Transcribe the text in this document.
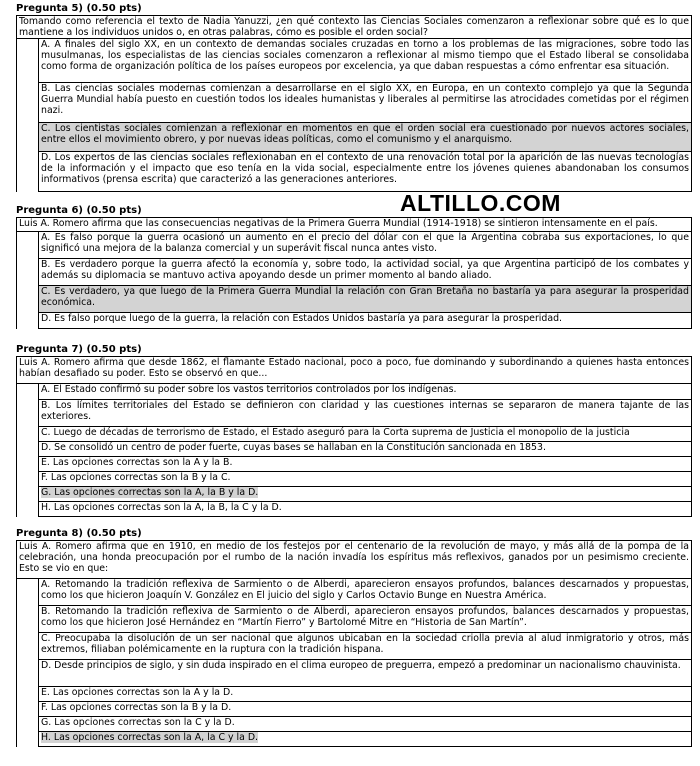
ALTILLO.COM
Pregunta 5) (0.50 pts)
Tomando como referencia el texto de Nadia Yanuzzi, ¿en qué contexto las Ciencias Sociales comenzaron a reflexionar sobre qué es lo que mantiene a los individuos unidos o, en otras palabras, cómo es posible el orden social?
A. A finales del siglo XX, en un contexto de demandas sociales cruzadas en torno a los problemas de las migraciones, sobre todo las musulmanas, los especialistas de las ciencias sociales comenzaron a reflexionar al mismo tiempo que el Estado liberal se consolidaba como forma de organización política de los países europeos por excelencia, ya que daban respuestas a cómo enfrentar esa situación.
B. Las ciencias sociales modernas comienzan a desarrollarse en el siglo XX, en Europa, en un contexto complejo ya que la Segunda Guerra Mundial había puesto en cuestión todos los ideales humanistas y liberales al permitirse las atrocidades cometidas por el régimen nazi.
C. Los cientistas sociales comienzan a reflexionar en momentos en que el orden social era cuestionado por nuevos actores sociales, entre ellos el movimiento obrero, y por nuevas ideas políticas, como el comunismo y el anarquismo.
D. Los expertos de las ciencias sociales reflexionaban en el contexto de una renovación total por la aparición de las nuevas tecnologías de la información y el impacto que eso tenía en la vida social, especialmente entre los jóvenes quienes abandonaban los consumos informativos (prensa escrita) que caracterizó a las generaciones anteriores.
Pregunta 6) (0.50 pts)
Luis A. Romero afirma que las consecuencias negativas de la Primera Guerra Mundial (1914-1918) se sintieron intensamente en el país.
A. Es falso porque la guerra ocasionó un aumento en el precio del dólar con el que la Argentina cobraba sus exportaciones, lo que significó una mejora de la balanza comercial y un superávit fiscal nunca antes visto.
B. Es verdadero porque la guerra afectó la economía y, sobre todo, la actividad social, ya que Argentina participó de los combates y además su diplomacia se mantuvo activa apoyando desde un primer momento al bando aliado.
C. Es verdadero, ya que luego de la Primera Guerra Mundial la relación con Gran Bretaña no bastaría ya para asegurar la prosperidad económica.
D. Es falso porque luego de la guerra, la relación con Estados Unidos bastaría ya para asegurar la prosperidad.
Pregunta 7) (0.50 pts)
Luis A. Romero afirma que desde 1862, el flamante Estado nacional, poco a poco, fue dominando y subordinando a quienes hasta entonces habían desafiado su poder. Esto se observó en que...
A. El Estado confirmó su poder sobre los vastos territorios controlados por los indígenas.
B. Los límites territoriales del Estado se definieron con claridad y las cuestiones internas se separaron de manera tajante de las exteriores.
C. Luego de décadas de terrorismo de Estado, el Estado aseguró para la Corta suprema de Justicia el monopolio de la justicia
D. Se consolidó un centro de poder fuerte, cuyas bases se hallaban en la Constitución sancionada en 1853.
E. Las opciones correctas son la A y la B.
F. Las opciones correctas son la B y la C.
G. Las opciones correctas son la A, la B y la D.
H. Las opciones correctas son la A, la B, la C y la D.
Pregunta 8) (0.50 pts)
Luis A. Romero afirma que en 1910, en medio de los festejos por el centenario de la revolución de mayo, y más allá de la pompa de la celebración, una honda preocupación por el rumbo de la nación invadía los espíritus más reflexivos, ganados por un pesimismo creciente. Esto se vio en que:
A. Retomando la tradición reflexiva de Sarmiento o de Alberdi, aparecieron ensayos profundos, balances descarnados y propuestas, como los que hicieron Joaquín V. González en El juicio del siglo y Carlos Octavio Bunge en Nuestra América.
B. Retomando la tradición reflexiva de Sarmiento o de Alberdi, aparecieron ensayos profundos, balances descarnados y propuestas, como los que hicieron José Hernández en “Martín Fierro” y Bartolomé Mitre en “Historia de San Martín”.
C. Preocupaba la disolución de un ser nacional que algunos ubicaban en la sociedad criolla previa al alud inmigratorio y otros, más extremos, filiaban polémicamente en la ruptura con la tradición hispana.
D. Desde principios de siglo, y sin duda inspirado en el clima europeo de preguerra, empezó a predominar un nacionalismo chauvinista.
E. Las opciones correctas son la A y la D.
F. Las opciones correctas son la B y la D.
G. Las opciones correctas son la C y la D.
H. Las opciones correctas son la A, la C y la D.
